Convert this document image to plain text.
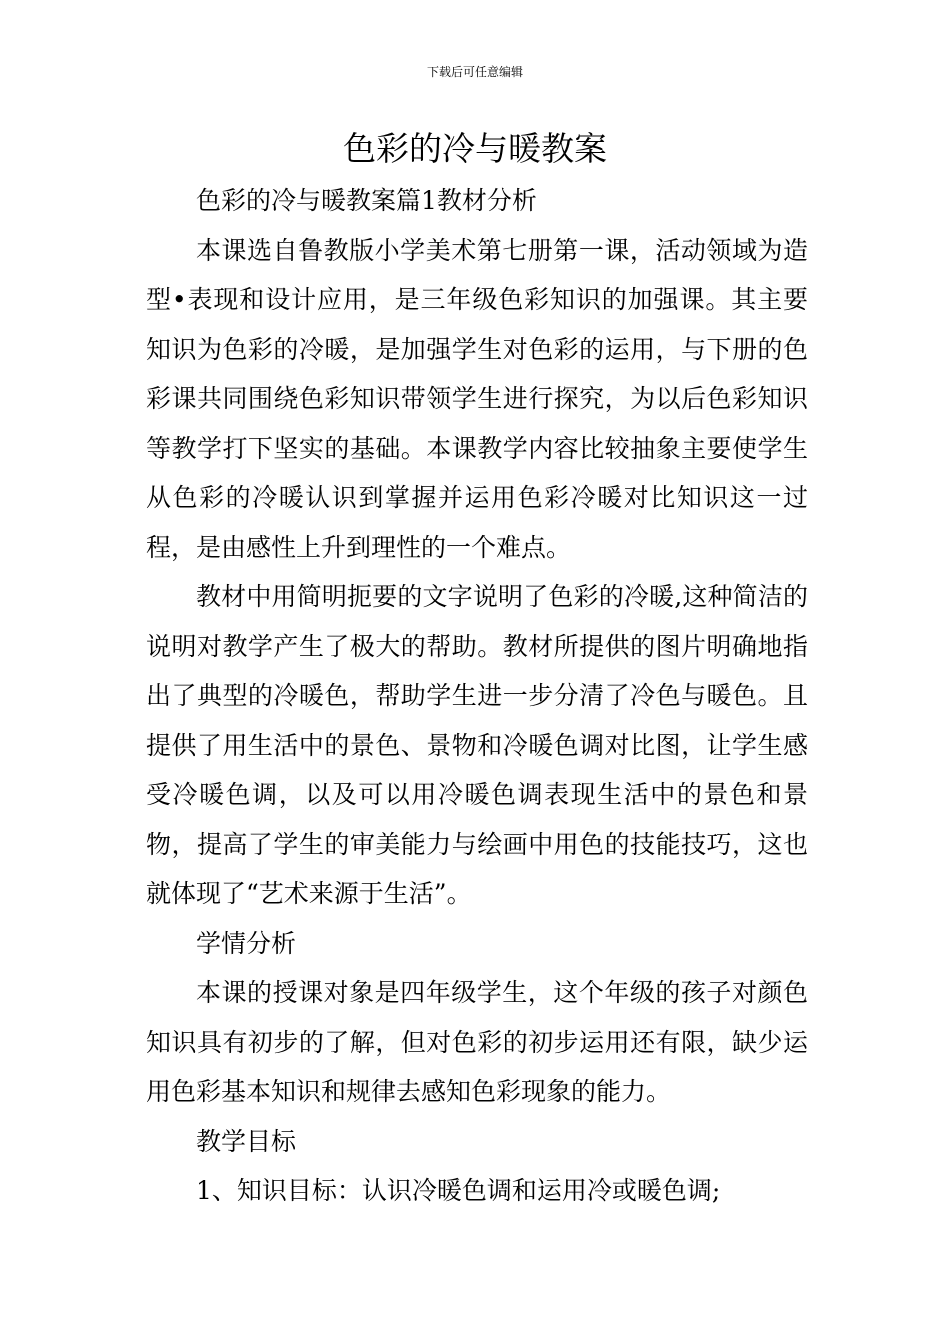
下载后可任意编辑
色彩的冷与暖教案

色彩的冷与暖教案篇1教材分析

本课选自鲁教版小学美术第七册第一课，活动领域为造型•表现和设计应用，是三年级色彩知识的加强课。其主要知识为色彩的冷暖，是加强学生对色彩的运用，与下册的色彩课共同围绕色彩知识带领学生进行探究，为以后色彩知识等教学打下坚实的基础。本课教学内容比较抽象主要使学生从色彩的冷暖认识到掌握并运用色彩冷暖对比知识这一过程，是由感性上升到理性的一个难点。

教材中用简明扼要的文字说明了色彩的冷暖,这种简洁的说明对教学产生了极大的帮助。教材所提供的图片明确地指出了典型的冷暖色，帮助学生进一步分清了冷色与暖色。且提供了用生活中的景色、景物和冷暖色调对比图，让学生感受冷暖色调，以及可以用冷暖色调表现生活中的景色和景物，提高了学生的审美能力与绘画中用色的技能技巧，这也就体现了“艺术来源于生活”。

学情分析

本课的授课对象是四年级学生，这个年级的孩子对颜色知识具有初步的了解，但对色彩的初步运用还有限，缺少运用色彩基本知识和规律去感知色彩现象的能力。

教学目标

1、知识目标：认识冷暖色调和运用冷或暖色调;
